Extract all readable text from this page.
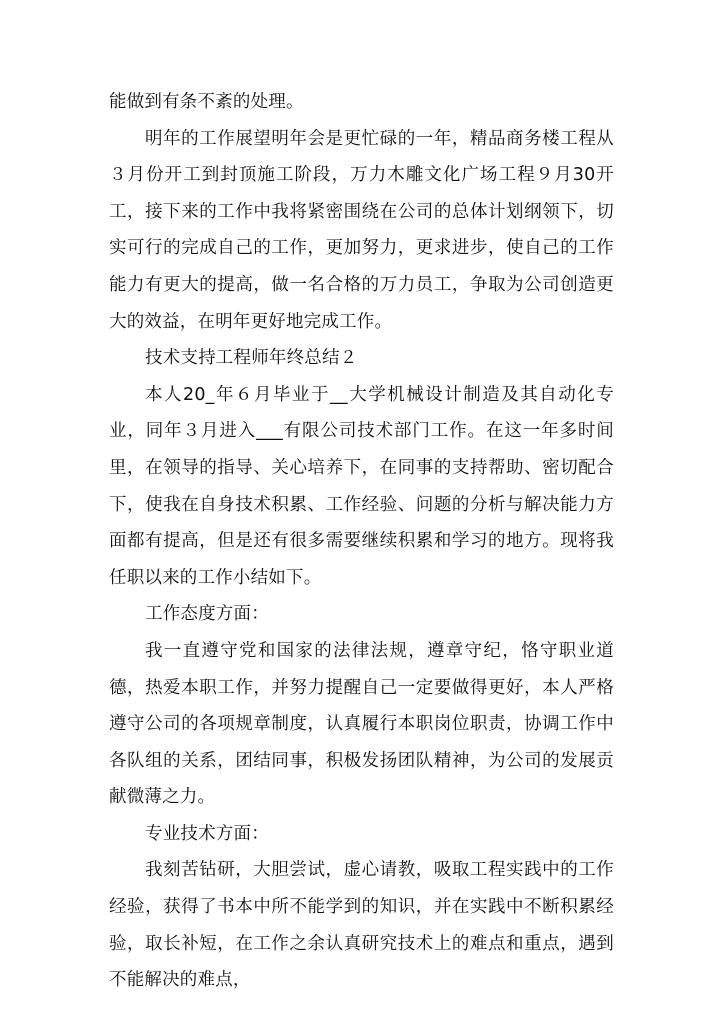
能做到有条不紊的处理。

明年的工作展望明年会是更忙碌的一年，精品商务楼工程从３月份开工到封顶施工阶段，万力木雕文化广场工程９月30开工，接下来的工作中我将紧密围绕在公司的总体计划纲领下，切实可行的完成自己的工作，更加努力，更求进步，使自己的工作能力有更大的提高，做一名合格的万力员工，争取为公司创造更大的效益，在明年更好地完成工作。

技术支持工程师年终总结２

本人20_年６月毕业于__大学机械设计制造及其自动化专业，同年３月进入___有限公司技术部门工作。在这一年多时间里，在领导的指导、关心培养下，在同事的支持帮助、密切配合下，使我在自身技术积累、工作经验、问题的分析与解决能力方面都有提高，但是还有很多需要继续积累和学习的地方。现将我任职以来的工作小结如下。

工作态度方面：

我一直遵守党和国家的法律法规，遵章守纪，恪守职业道德，热爱本职工作，并努力提醒自己一定要做得更好，本人严格遵守公司的各项规章制度，认真履行本职岗位职责，协调工作中各队组的关系，团结同事，积极发扬团队精神，为公司的发展贡献微薄之力。

专业技术方面：

我刻苦钻研，大胆尝试，虚心请教，吸取工程实践中的工作经验，获得了书本中所不能学到的知识，并在实践中不断积累经验，取长补短，在工作之余认真研究技术上的难点和重点，遇到不能解决的难点，
